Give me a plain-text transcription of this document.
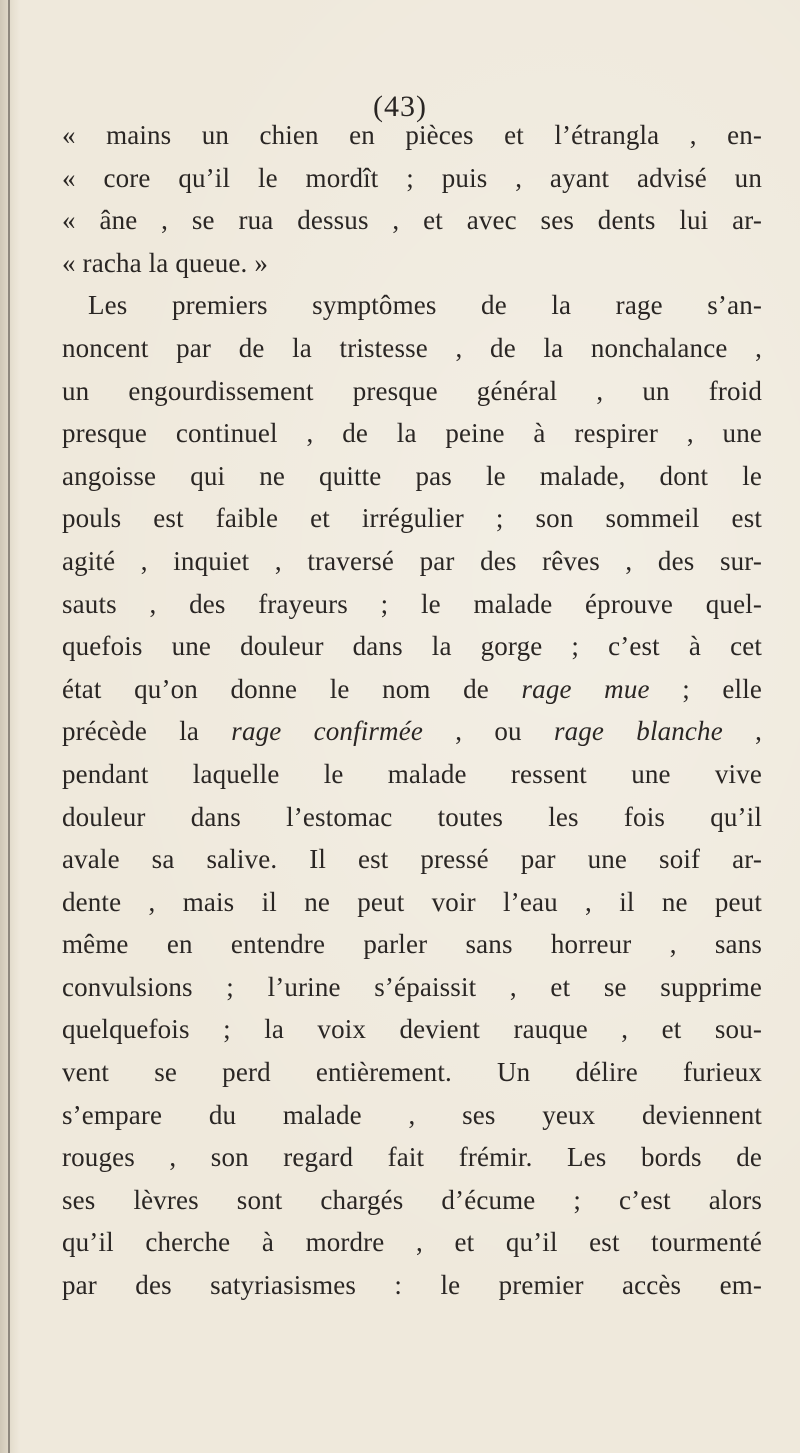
(43)
« mains un chien en pièces et l’étrangla , en-
« core qu’il le mordît ; puis , ayant advisé un
« âne , se rua dessus , et avec ses dents lui ar-
« racha la queue. »
Les premiers symptômes de la rage s’an-
noncent par de la tristesse , de la nonchalance ,
un engourdissement presque général , un froid
presque continuel , de la peine à respirer , une
angoisse qui ne quitte pas le malade, dont le
pouls est faible et irrégulier ; son sommeil est
agité , inquiet , traversé par des rêves , des sur-
sauts , des frayeurs ; le malade éprouve quel-
quefois une douleur dans la gorge ; c’est à cet
état qu’on donne le nom de rage mue ; elle
précède la rage confirmée , ou rage blanche ,
pendant laquelle le malade ressent une vive
douleur dans l’estomac toutes les fois qu’il
avale sa salive. Il est pressé par une soif ar-
dente , mais il ne peut voir l’eau , il ne peut
même en entendre parler sans horreur , sans
convulsions ; l’urine s’épaissit , et se supprime
quelquefois ; la voix devient rauque , et sou-
vent se perd entièrement. Un délire furieux
s’empare du malade , ses yeux deviennent
rouges , son regard fait frémir. Les bords de
ses lèvres sont chargés d’écume ; c’est alors
qu’il cherche à mordre , et qu’il est tourmenté
par des satyriasismes : le premier accès em-
